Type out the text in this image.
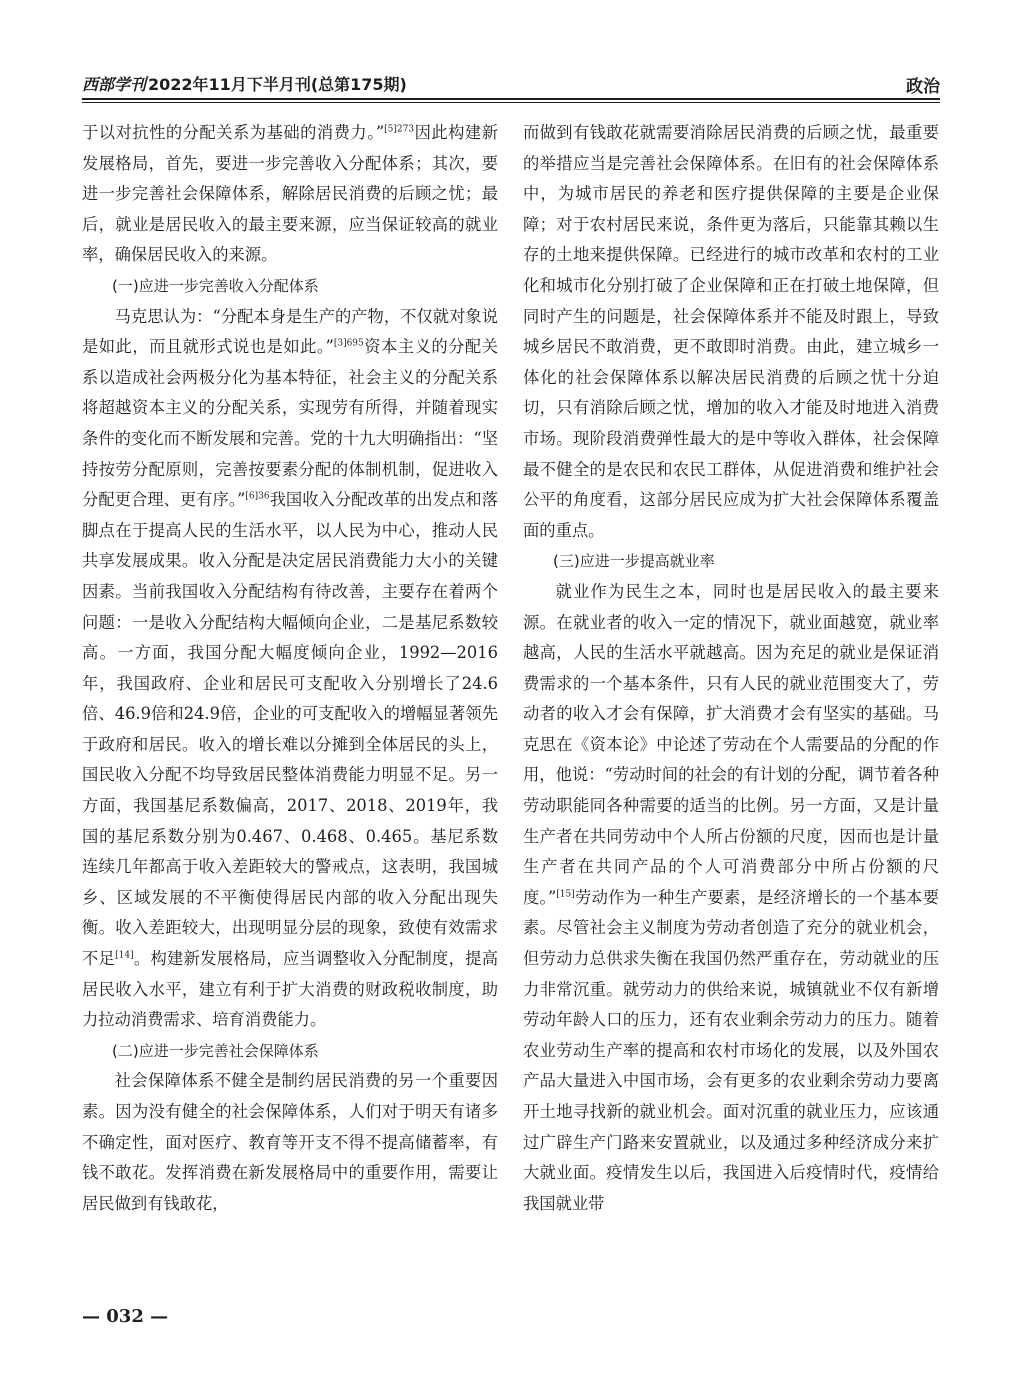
西部学刊 2022年11月下半月刊(总第175期)	政治

于以对抗性的分配关系为基础的消费力。”$^{[5]273}$因此构建新发展格局，首先，要进一步完善收入分配体系；其次，要进一步完善社会保障体系，解除居民消费的后顾之忧；最后，就业是居民收入的最主要来源，应当保证较高的就业率，确保居民收入的来源。

(一)应进一步完善收入分配体系

马克思认为：“分配本身是生产的产物，不仅就对象说是如此，而且就形式说也是如此。”$^{[3]695}$资本主义的分配关系以造成社会两极分化为基本特征，社会主义的分配关系将超越资本主义的分配关系，实现劳有所得，并随着现实条件的变化而不断发展和完善。党的十九大明确指出：“坚持按劳分配原则，完善按要素分配的体制机制，促进收入分配更合理、更有序。”$^{[6]36}$我国收入分配改革的出发点和落脚点在于提高人民的生活水平，以人民为中心，推动人民共享发展成果。收入分配是决定居民消费能力大小的关键因素。当前我国收入分配结构有待改善，主要存在着两个问题：一是收入分配结构大幅倾向企业，二是基尼系数较高。一方面，我国分配大幅度倾向企业，1992—2016年，我国政府、企业和居民可支配收入分别增长了24.6倍、46.9倍和24.9倍，企业的可支配收入的增幅显著领先于政府和居民。收入的增长难以分摊到全体居民的头上，国民收入分配不均导致居民整体消费能力明显不足。另一方面，我国基尼系数偏高，2017、2018、2019年，我国的基尼系数分别为0.467、0.468、0.465。基尼系数连续几年都高于收入差距较大的警戒点，这表明，我国城乡、区域发展的不平衡使得居民内部的收入分配出现失衡。收入差距较大，出现明显分层的现象，致使有效需求不足[14]。构建新发展格局，应当调整收入分配制度，提高居民收入水平，建立有利于扩大消费的财政税收制度，助力拉动消费需求、培育消费能力。

(二)应进一步完善社会保障体系

社会保障体系不健全是制约居民消费的另一个重要因素。因为没有健全的社会保障体系，人们对于明天有诸多不确定性，面对医疗、教育等开支不得不提高储蓄率，有钱不敢花。发挥消费在新发展格局中的重要作用，需要让居民做到有钱敢花，

而做到有钱敢花就需要消除居民消费的后顾之忧，最重要的举措应当是完善社会保障体系。在旧有的社会保障体系中，为城市居民的养老和医疗提供保障的主要是企业保障；对于农村居民来说，条件更为落后，只能靠其赖以生存的土地来提供保障。已经进行的城市改革和农村的工业化和城市化分别打破了企业保障和正在打破土地保障，但同时产生的问题是，社会保障体系并不能及时跟上，导致城乡居民不敢消费，更不敢即时消费。由此，建立城乡一体化的社会保障体系以解决居民消费的后顾之忧十分迫切，只有消除后顾之忧，增加的收入才能及时地进入消费市场。现阶段消费弹性最大的是中等收入群体，社会保障最不健全的是农民和农民工群体，从促进消费和维护社会公平的角度看，这部分居民应成为扩大社会保障体系覆盖面的重点。

(三)应进一步提高就业率

就业作为民生之本，同时也是居民收入的最主要来源。在就业者的收入一定的情况下，就业面越宽，就业率越高，人民的生活水平就越高。因为充足的就业是保证消费需求的一个基本条件，只有人民的就业范围变大了，劳动者的收入才会有保障，扩大消费才会有坚实的基础。马克思在《资本论》中论述了劳动在个人需要品的分配的作用，他说：“劳动时间的社会的有计划的分配，调节着各种劳动职能同各种需要的适当的比例。另一方面，又是计量生产者在共同劳动中个人所占份额的尺度，因而也是计量生产者在共同产品的个人可消费部分中所占份额的尺度。”[15]劳动作为一种生产要素，是经济增长的一个基本要素。尽管社会主义制度为劳动者创造了充分的就业机会，但劳动力总供求失衡在我国仍然严重存在，劳动就业的压力非常沉重。就劳动力的供给来说，城镇就业不仅有新增劳动年龄人口的压力，还有农业剩余劳动力的压力。随着农业劳动生产率的提高和农村市场化的发展，以及外国农产品大量进入中国市场，会有更多的农业剩余劳动力要离开土地寻找新的就业机会。面对沉重的就业压力，应该通过广辟生产门路来安置就业，以及通过多种经济成分来扩大就业面。疫情发生以后，我国进入后疫情时代，疫情给我国就业带

— 032 —
